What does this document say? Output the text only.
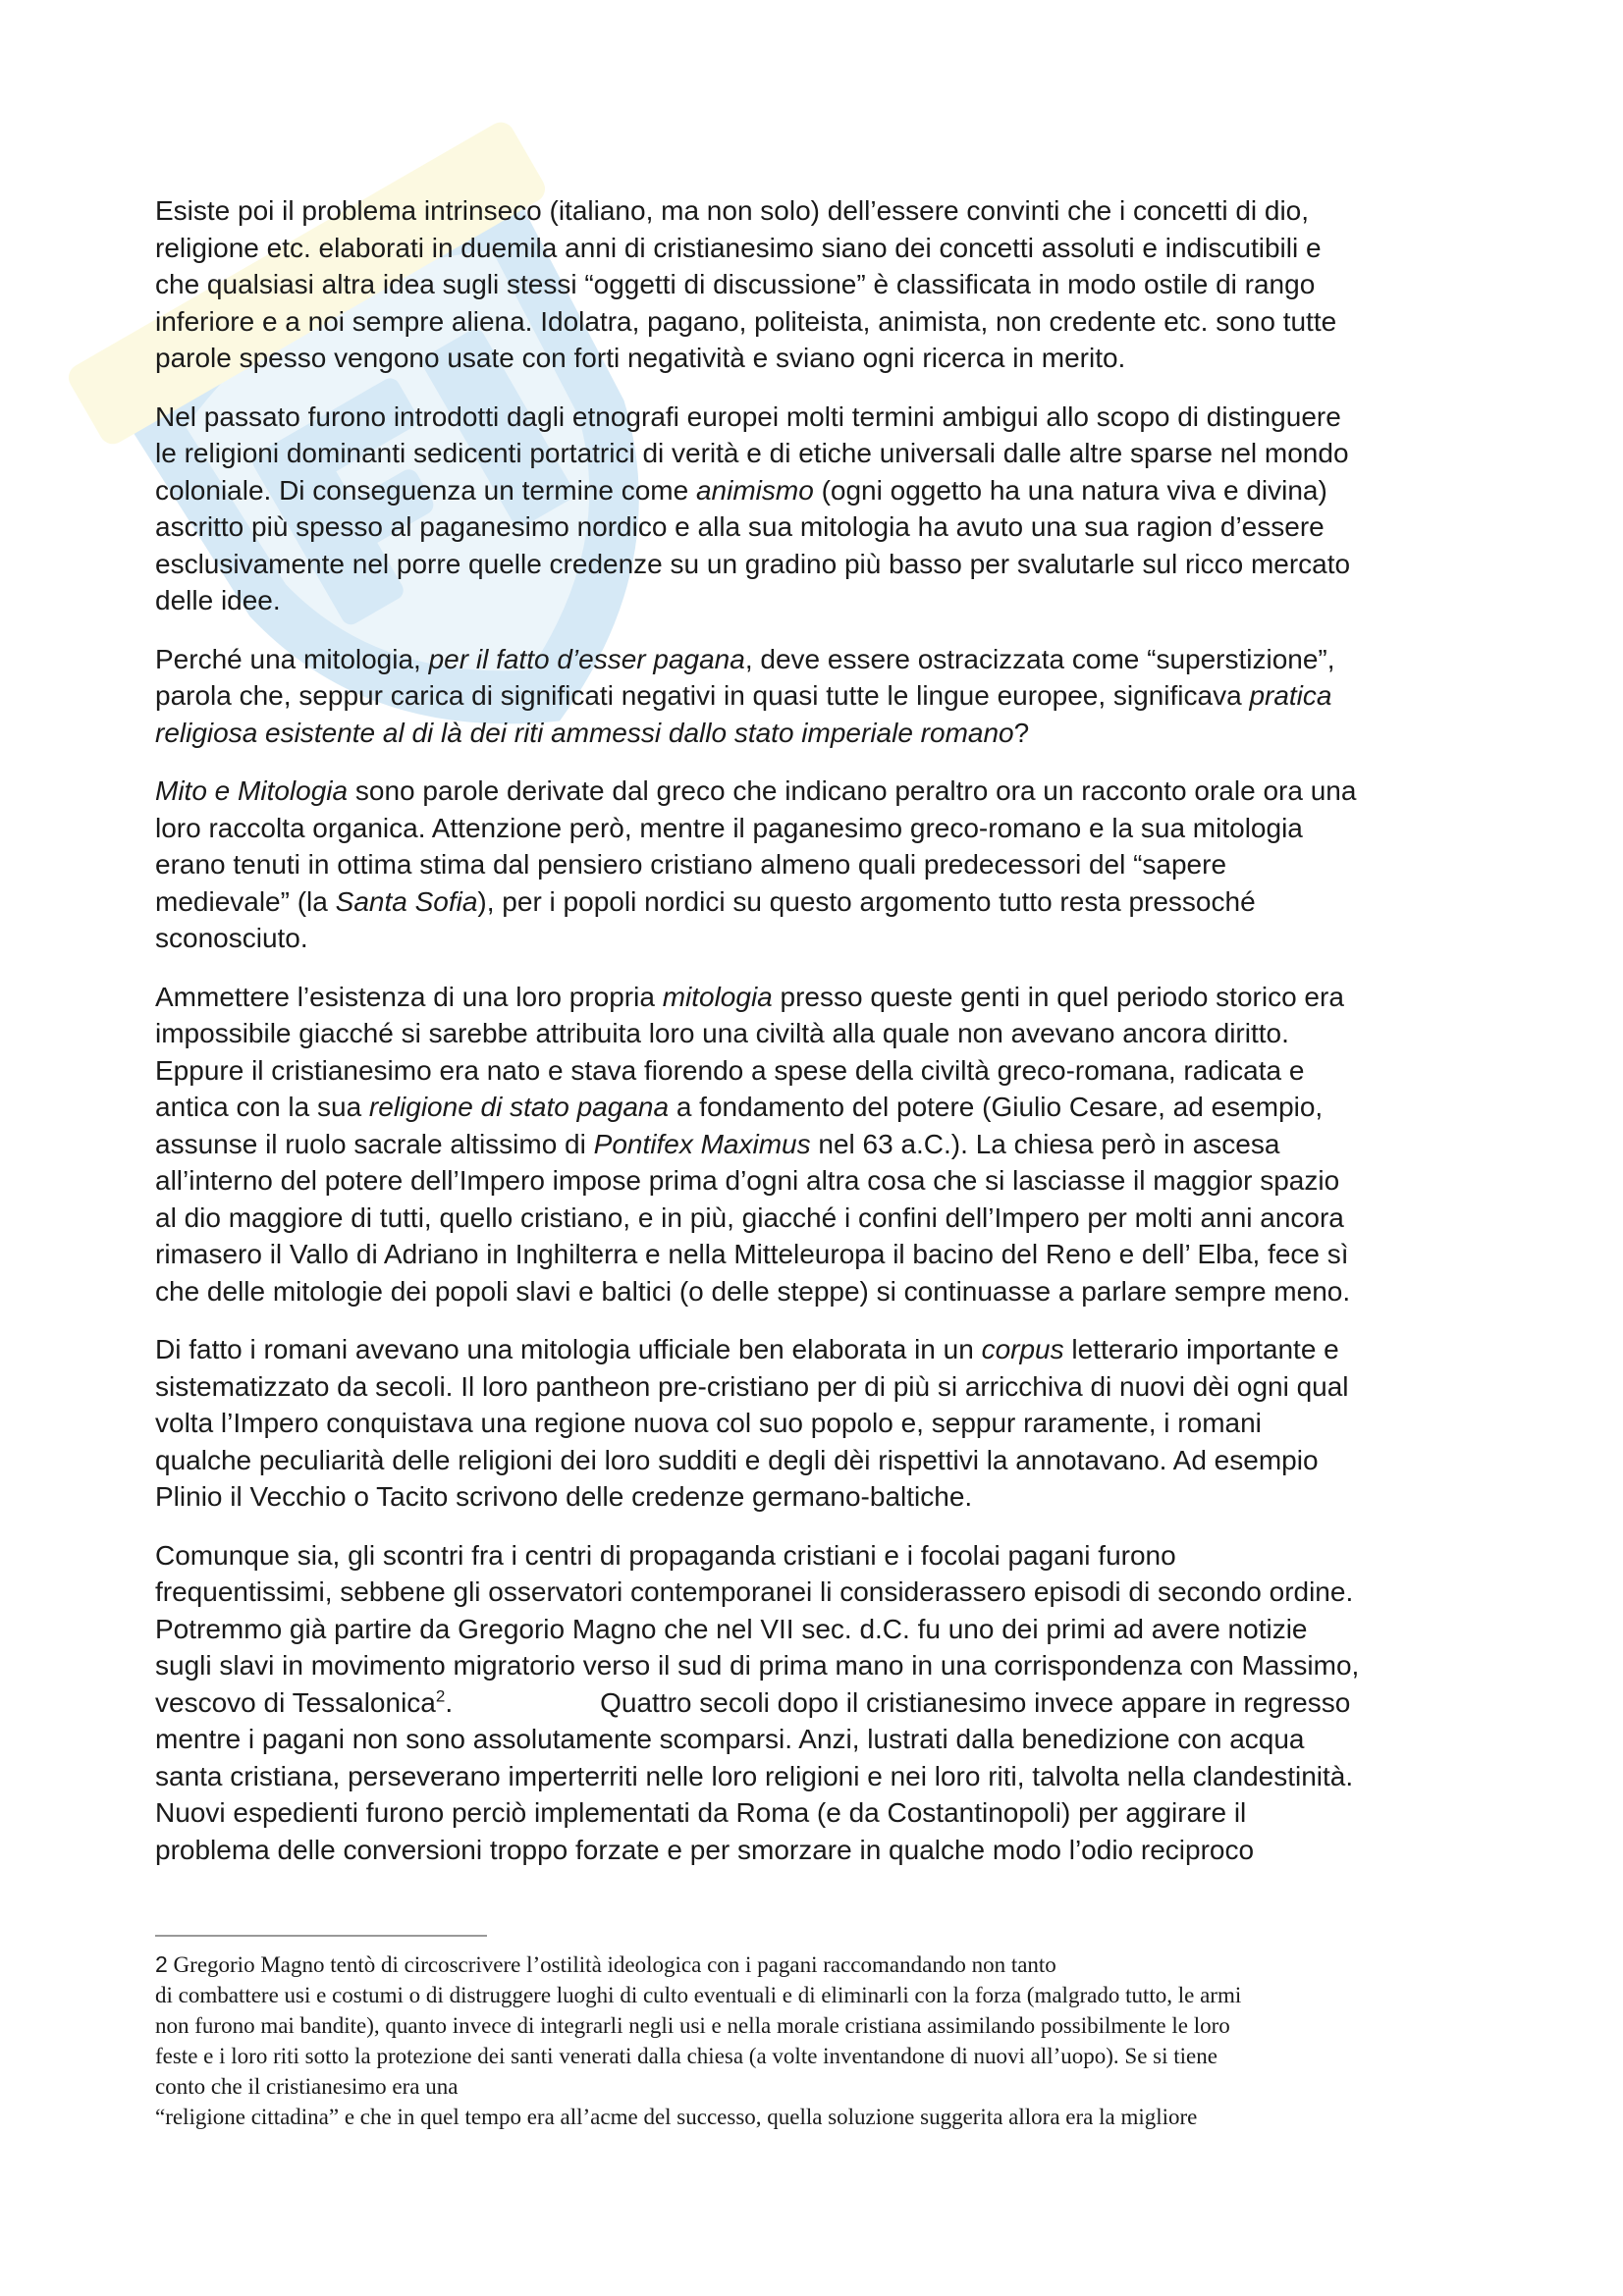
Esiste poi il problema intrinseco (italiano, ma non solo) dell’essere convinti che i concetti di dio,
religione etc. elaborati in duemila anni di cristianesimo siano dei concetti assoluti e indiscutibili e
che qualsiasi altra idea sugli stessi “oggetti di discussione” è classificata in modo ostile di rango
inferiore e a noi sempre aliena. Idolatra, pagano, politeista, animista, non credente etc. sono tutte
parole spesso vengono usate con forti negatività e sviano ogni ricerca in merito.

Nel passato furono introdotti dagli etnografi europei molti termini ambigui allo scopo di distinguere
le religioni dominanti sedicenti portatrici di verità e di etiche universali dalle altre sparse nel mondo
coloniale. Di conseguenza un termine come animismo (ogni oggetto ha una natura viva e divina)
ascritto più spesso al paganesimo nordico e alla sua mitologia ha avuto una sua ragion d’essere
esclusivamente nel porre quelle credenze su un gradino più basso per svalutarle sul ricco mercato
delle idee.

Perché una mitologia, per il fatto d’esser pagana, deve essere ostracizzata come “superstizione”,
parola che, seppur carica di significati negativi in quasi tutte le lingue europee, significava pratica
religiosa esistente al di là dei riti ammessi dallo stato imperiale romano?

Mito e Mitologia sono parole derivate dal greco che indicano peraltro ora un racconto orale ora una
loro raccolta organica. Attenzione però, mentre il paganesimo greco-romano e la sua mitologia
erano tenuti in ottima stima dal pensiero cristiano almeno quali predecessori del “sapere
medievale” (la Santa Sofia), per i popoli nordici su questo argomento tutto resta pressoché
sconosciuto.

Ammettere l’esistenza di una loro propria mitologia presso queste genti in quel periodo storico era
impossibile giacché si sarebbe attribuita loro una civiltà alla quale non avevano ancora diritto.
Eppure il cristianesimo era nato e stava fiorendo a spese della civiltà greco-romana, radicata e
antica con la sua religione di stato pagana a fondamento del potere (Giulio Cesare, ad esempio,
assunse il ruolo sacrale altissimo di Pontifex Maximus nel 63 a.C.). La chiesa però in ascesa
all’interno del potere dell’Impero impose prima d’ogni altra cosa che si lasciasse il maggior spazio
al dio maggiore di tutti, quello cristiano, e in più, giacché i confini dell’Impero per molti anni ancora
rimasero il Vallo di Adriano in Inghilterra e nella Mitteleuropa il bacino del Reno e dell’ Elba, fece sì
che delle mitologie dei popoli slavi e baltici (o delle steppe) si continuasse a parlare sempre meno.

Di fatto i romani avevano una mitologia ufficiale ben elaborata in un corpus letterario importante e
sistematizzato da secoli. Il loro pantheon pre-cristiano per di più si arricchiva di nuovi dèi ogni qual
volta l’Impero conquistava una regione nuova col suo popolo e, seppur raramente, i romani
qualche peculiarità delle religioni dei loro sudditi e degli dèi rispettivi la annotavano. Ad esempio
Plinio il Vecchio o Tacito scrivono delle credenze germano-baltiche.

Comunque sia, gli scontri fra i centri di propaganda cristiani e i focolai pagani furono
frequentissimi, sebbene gli osservatori contemporanei li considerassero episodi di secondo ordine.
Potremmo già partire da Gregorio Magno che nel VII sec. d.C. fu uno dei primi ad avere notizie
sugli slavi in movimento migratorio verso il sud di prima mano in una corrispondenza con Massimo,
vescovo di Tessalonica$^2$.	Quattro secoli dopo il cristianesimo invece appare in regresso
mentre i pagani non sono assolutamente scomparsi. Anzi, lustrati dalla benedizione con acqua
santa cristiana, perseverano imperterriti nelle loro religioni e nei loro riti, talvolta nella clandestinità.
Nuovi espedienti furono perciò implementati da Roma (e da Costantinopoli) per aggirare il
problema delle conversioni troppo forzate e per smorzare in qualche modo l’odio reciproco

2 Gregorio Magno tentò di circoscrivere l’ostilità ideologica con i pagani raccomandando non tanto
di combattere usi e costumi o di distruggere luoghi di culto eventuali e di eliminarli con la forza (malgrado tutto, le armi
non furono mai bandite), quanto invece di integrarli negli usi e nella morale cristiana assimilando possibilmente le loro
feste e i loro riti sotto la protezione dei santi venerati dalla chiesa (a volte inventandone di nuovi all’uopo). Se si tiene
conto che il cristianesimo era una
“religione cittadina” e che in quel tempo era all’acme del successo, quella soluzione suggerita allora era la migliore
